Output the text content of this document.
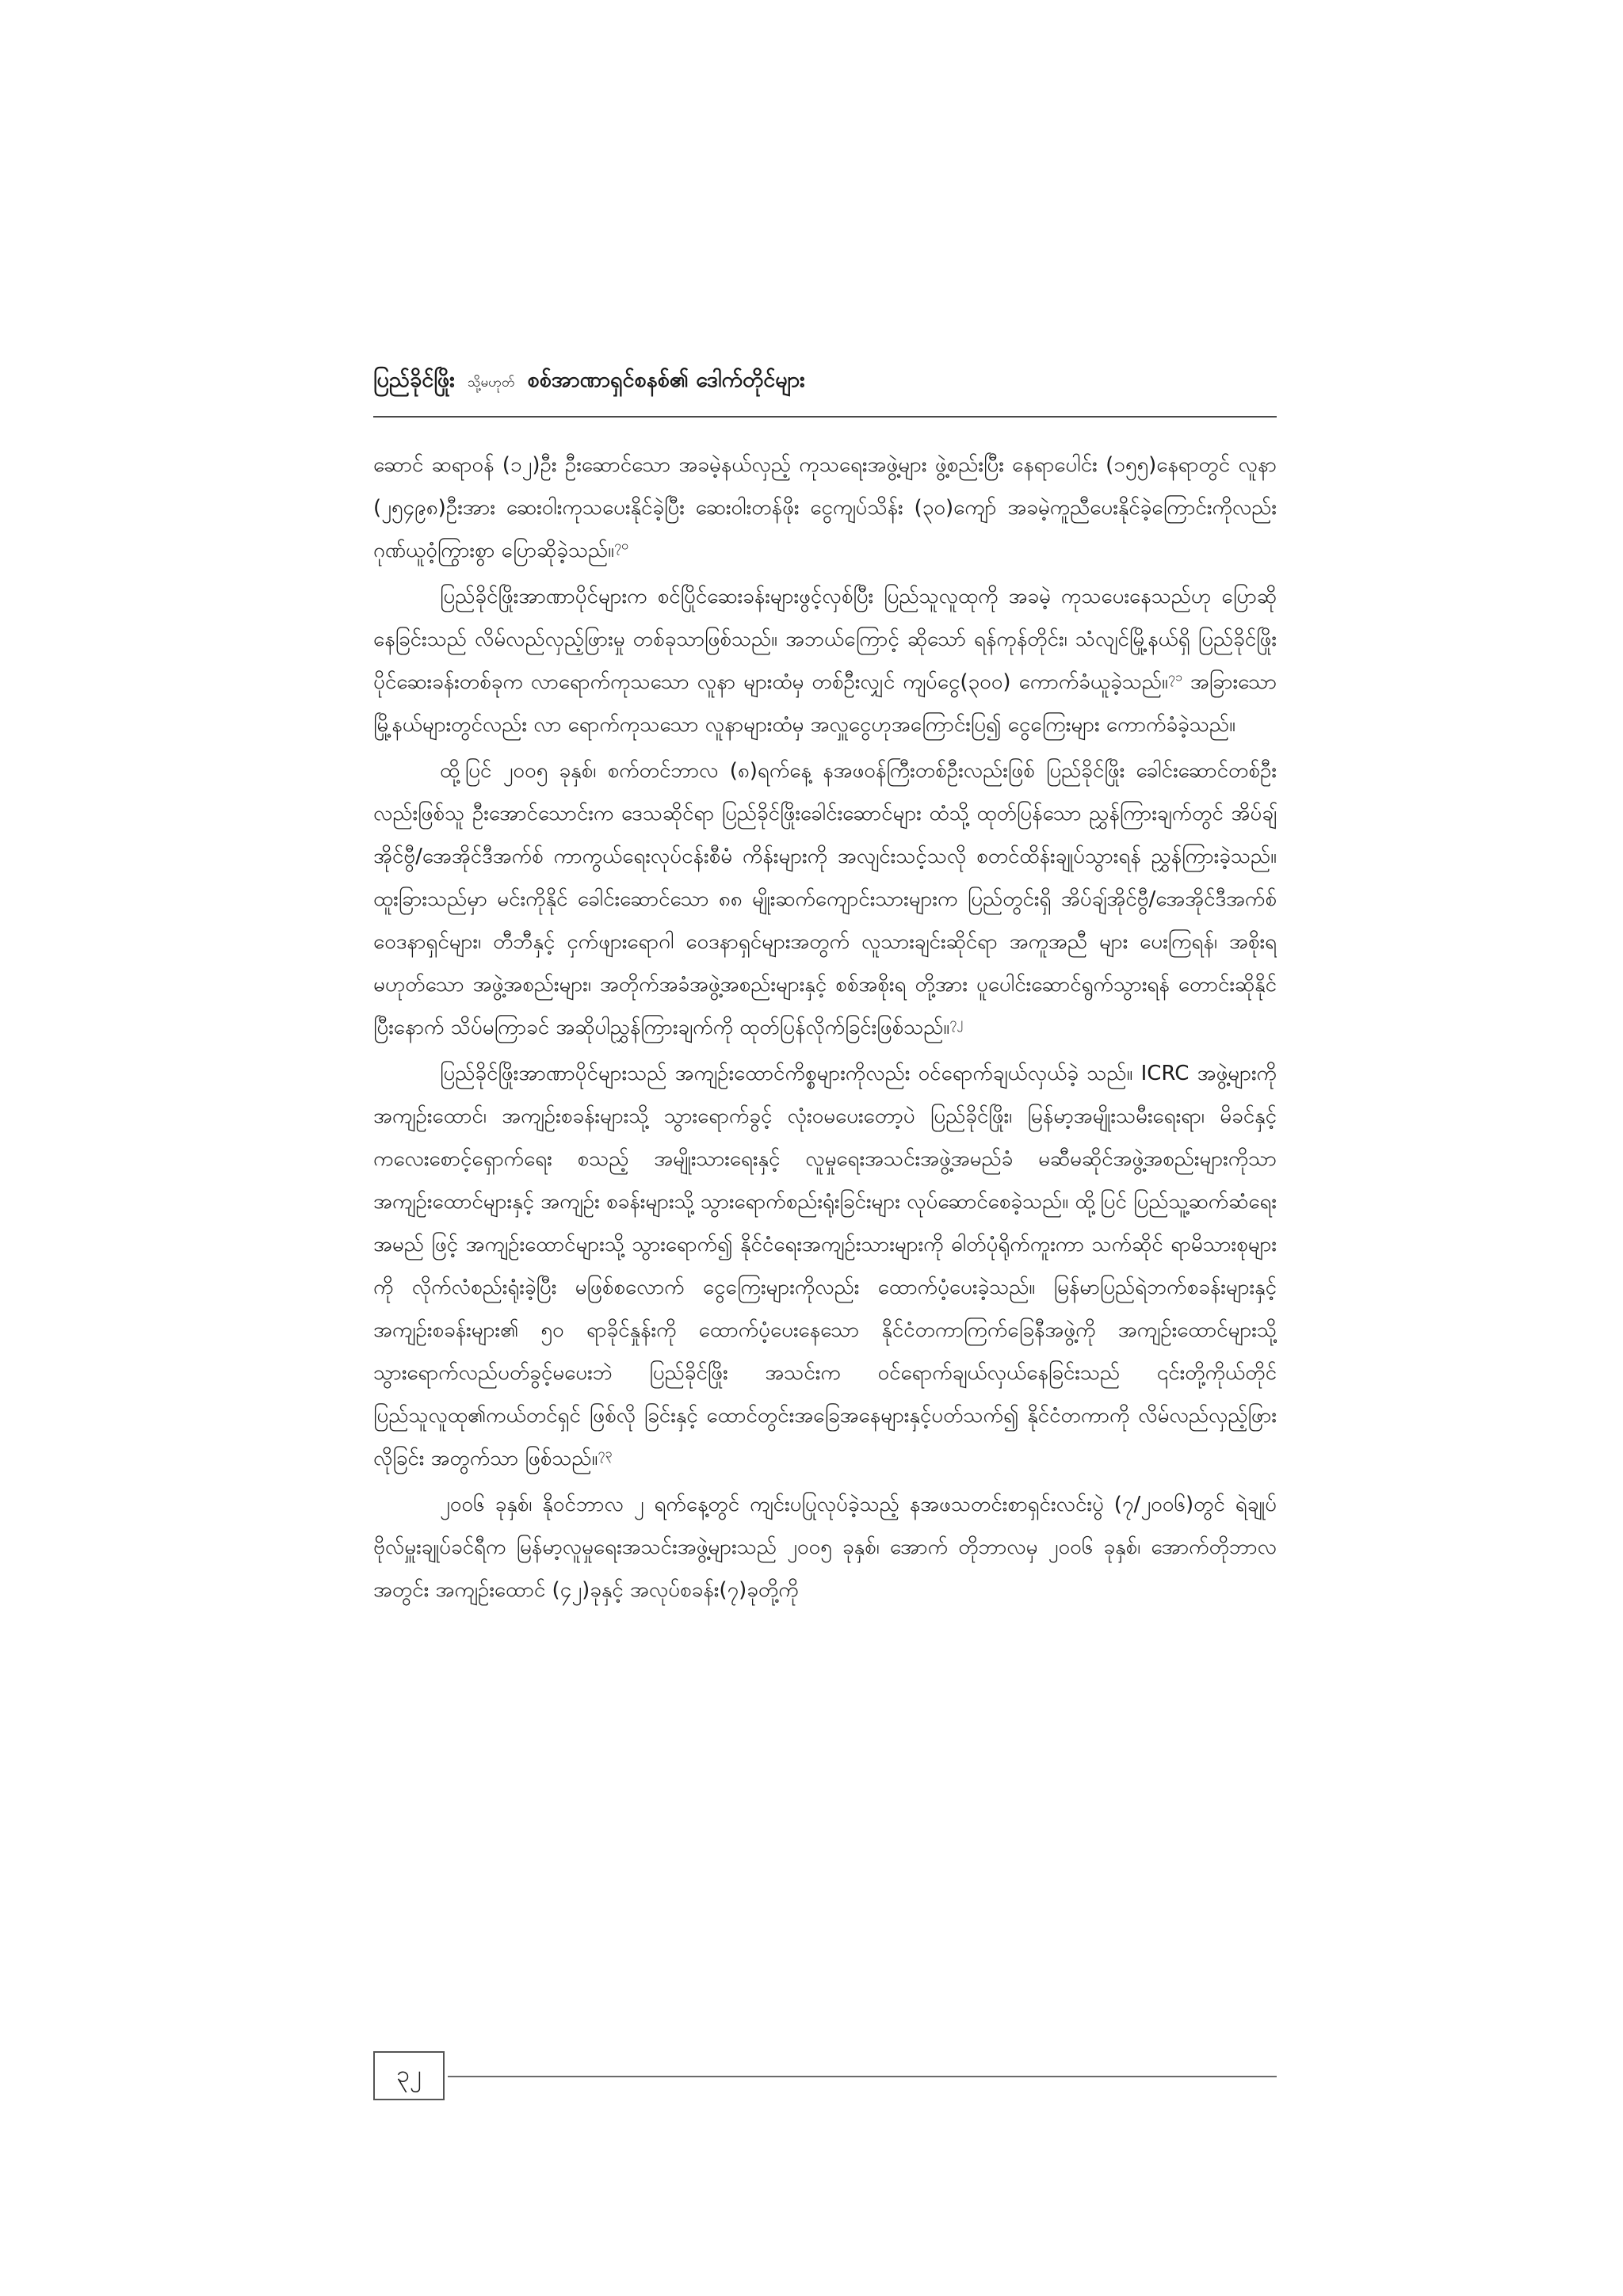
ပြည်ခိုင်ဖြိုး သို့မဟုတ် စစ်အာဏာရှင်စနစ်၏ ဒေါက်တိုင်များ

ဆောင် ဆရာဝန် (၁၂)ဦး ဦးဆောင်သော အခမဲ့နယ်လှည့် ကုသရေးအဖွဲ့များ ဖွဲ့စည်းပြီး နေရာပေါင်း (၁၅၅)နေရာတွင် လူနာ (၂၅၄၉၈)ဦးအား ဆေးဝါးကုသပေးနိုင်ခဲ့ပြီး ဆေးဝါးတန်ဖိုး ငွေကျပ်သိန်း (၃၀)ကျော် အခမဲ့ကူညီပေးနိုင်ခဲ့ကြောင်းကိုလည်း ဂုဏ်ယူဝံ့ကြွားစွာ ပြောဆိုခဲ့သည်။$^{၇၀}$

ပြည်ခိုင်ဖြိုးအာဏာပိုင်များက စင်ပြိုင်ဆေးခန်းများဖွင့်လှစ်ပြီး ပြည်သူလူထုကို အခမဲ့ ကုသပေးနေသည်ဟု ပြောဆိုနေခြင်းသည် လိမ်လည်လှည့်ဖြားမှု တစ်ခုသာဖြစ်သည်။ အဘယ်ကြောင့် ဆိုသော် ရန်ကုန်တိုင်း၊ သံလျင်မြို့နယ်ရှိ ပြည်ခိုင်ဖြိုးပိုင်ဆေးခန်းတစ်ခုက လာရောက်ကုသသော လူနာ များထံမှ တစ်ဦးလျှင် ကျပ်ငွေ(၃၀၀) ကောက်ခံယူခဲ့သည်။$^{၇၁}$ အခြားသော မြို့နယ်များတွင်လည်း လာ ရောက်ကုသသော လူနာများထံမှ အလှူငွေဟုအကြောင်းပြ၍ ငွေကြေးများ ကောက်ခံခဲ့သည်။

ထို့ပြင် ၂၀၀၅ ခုနှစ်၊ စက်တင်ဘာလ (၈)ရက်နေ့ နအဖဝန်ကြီးတစ်ဦးလည်းဖြစ် ပြည်ခိုင်ဖြိုး ခေါင်းဆောင်တစ်ဦးလည်းဖြစ်သူ ဦးအောင်သောင်းက ဒေသဆိုင်ရာ ပြည်ခိုင်ဖြိုးခေါင်းဆောင်များ ထံသို့ ထုတ်ပြန်သော ညွှန်ကြားချက်တွင် အိပ်ချ်အိုင်ဗွီ/အေအိုင်ဒီအက်စ် ကာကွယ်ရေးလုပ်ငန်းစီမံ ကိန်းများကို အလျင်းသင့်သလို စတင်ထိန်းချုပ်သွားရန် ညွှန်ကြားခဲ့သည်။ ထူးခြားသည်မှာ မင်းကိုနိုင် ခေါင်းဆောင်သော ၈၈ မျိုးဆက်ကျောင်းသားများက ပြည်တွင်းရှိ အိပ်ချ်အိုင်ဗွီ/အေအိုင်ဒီအက်စ် ဝေဒနာရှင်များ၊ တီဘီနှင့် ငှက်ဖျားရောဂါ ဝေဒနာရှင်များအတွက် လူသားချင်းဆိုင်ရာ အကူအညီ များ ပေးကြရန်၊ အစိုးရမဟုတ်သော အဖွဲ့အစည်းများ၊ အတိုက်အခံအဖွဲ့အစည်းများနှင့် စစ်အစိုးရ တို့အား ပူပေါင်းဆောင်ရွက်သွားရန် တောင်းဆိုနိုင်ပြီးနောက် သိပ်မကြာခင် အဆိုပါညွှန်ကြားချက်ကို ထုတ်ပြန်လိုက်ခြင်းဖြစ်သည်။$^{၇၂}$

ပြည်ခိုင်ဖြိုးအာဏာပိုင်များသည် အကျဉ်းထောင်ကိစ္စများကိုလည်း ဝင်ရောက်ချယ်လှယ်ခဲ့ သည်။ ICRC အဖွဲ့များကို အကျဉ်းထောင်၊ အကျဉ်းစခန်းများသို့ သွားရောက်ခွင့် လုံးဝမပေးတော့ပဲ ပြည်ခိုင်ဖြိုး၊ မြန်မာ့အမျိုးသမီးရေးရာ၊ မိခင်နှင့်ကလေးစောင့်ရှောက်ရေး စသည့် အမျိုးသားရေးနှင့် လူမှုရေးအသင်းအဖွဲ့အမည်ခံ မဆီမဆိုင်အဖွဲ့အစည်းများကိုသာ အကျဉ်းထောင်များနှင့် အကျဉ်း စခန်းများသို့ သွားရောက်စည်းရုံးခြင်းများ လုပ်ဆောင်စေခဲ့သည်။ ထို့ပြင် ပြည်သူ့ဆက်ဆံရေးအမည် ဖြင့် အကျဉ်းထောင်များသို့ သွားရောက်၍ နိုင်ငံရေးအကျဉ်းသားများကို ဓါတ်ပုံရိုက်ကူးကာ သက်ဆိုင် ရာမိသားစုများကို လိုက်လံစည်းရုံးခဲ့ပြီး မဖြစ်စလောက် ငွေကြေးများကိုလည်း ထောက်ပံ့ပေးခဲ့သည်။ မြန်မာပြည်ရဲဘက်စခန်းများနှင့် အကျဉ်းစခန်းများ၏ ၅၀ ရာခိုင်နှုန်းကို ထောက်ပံ့ပေးနေသော နိုင်ငံတကာကြက်ခြေနီအဖွဲ့ကို အကျဉ်းထောင်များသို့ သွားရောက်လည်ပတ်ခွင့်မပေးဘဲ ပြည်ခိုင်ဖြိုး အသင်းက ဝင်ရောက်ချယ်လှယ်နေခြင်းသည် ၎င်းတို့ကိုယ်တိုင် ပြည်သူလူထု၏ကယ်တင်ရှင် ဖြစ်လို ခြင်းနှင့် ထောင်တွင်းအခြေအနေများနှင့်ပတ်သက်၍ နိုင်ငံတကာကို လိမ်လည်လှည့်ဖြားလိုခြင်း အတွက်သာ ဖြစ်သည်။$^{၇၃}$

၂၀၀၆ ခုနှစ်၊ နိုဝင်ဘာလ ၂ ရက်နေ့တွင် ကျင်းပပြုလုပ်ခဲ့သည့် နအဖသတင်းစာရှင်းလင်းပွဲ (၇/၂၀၀၆)တွင် ရဲချုပ် ဗိုလ်မှူးချုပ်ခင်ရီက မြန်မာ့လူမှုရေးအသင်းအဖွဲ့များသည် ၂၀၀၅ ခုနှစ်၊ အောက် တိုဘာလမှ ၂၀၀၆ ခုနှစ်၊ အောက်တိုဘာလအတွင်း အကျဉ်းထောင် (၄၂)ခုနှင့် အလုပ်စခန်း(၇)ခုတို့ကို

၃၂
